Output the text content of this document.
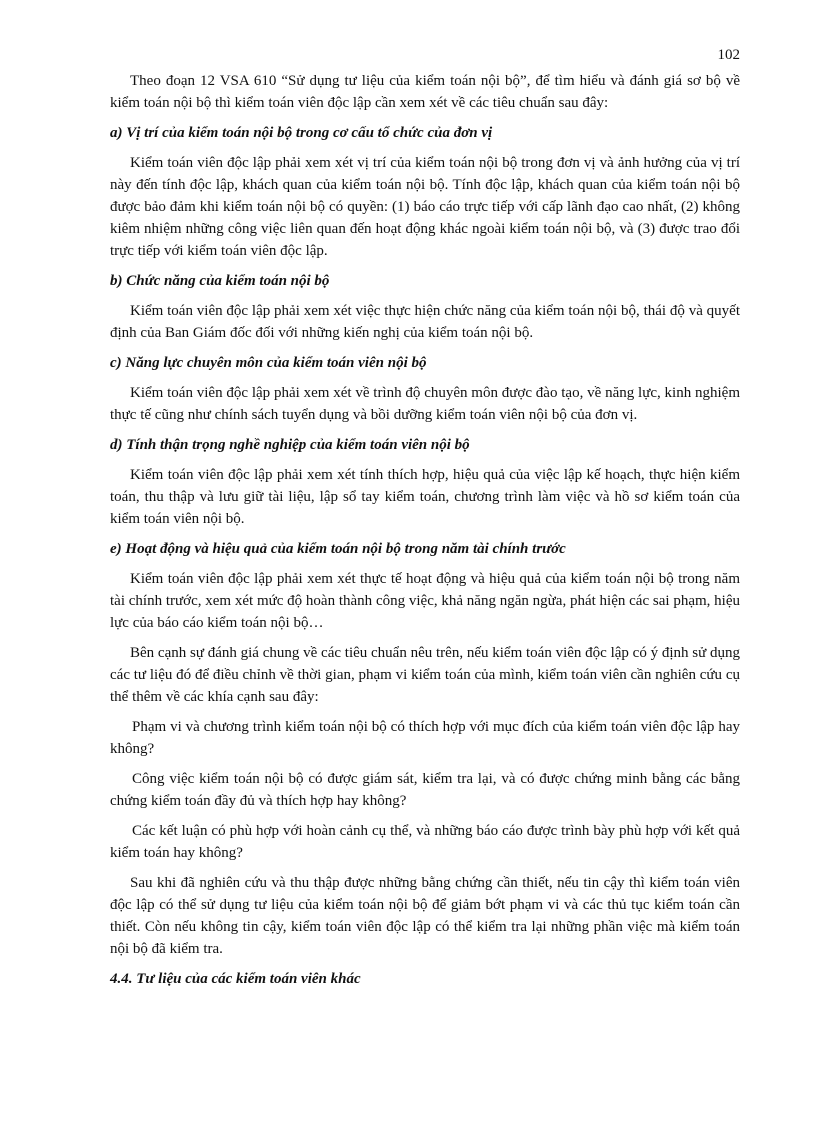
102

Theo đoạn 12 VSA 610 “Sử dụng tư liệu của kiểm toán nội bộ”, để tìm hiểu và đánh giá sơ bộ về kiểm toán nội bộ thì kiểm toán viên độc lập cần xem xét về các tiêu chuẩn sau đây:

a) Vị trí của kiểm toán nội bộ trong cơ cấu tổ chức của đơn vị

Kiểm toán viên độc lập phải xem xét vị trí của kiểm toán nội bộ trong đơn vị và ảnh hưởng của vị trí này đến tính độc lập, khách quan của kiểm toán nội bộ. Tính độc lập, khách quan của kiểm toán nội bộ được bảo đảm khi kiểm toán nội bộ có quyền: (1) báo cáo trực tiếp với cấp lãnh đạo cao nhất, (2) không kiêm nhiệm những công việc liên quan đến hoạt động khác ngoài kiểm toán nội bộ, và (3) được trao đổi trực tiếp với kiểm toán viên độc lập.

b) Chức năng của kiểm toán nội bộ

Kiểm toán viên độc lập phải xem xét việc thực hiện chức năng của kiểm toán nội bộ, thái độ và quyết định của Ban Giám đốc đối với những kiến nghị của kiểm toán nội bộ.

c) Năng lực chuyên môn của kiểm toán viên nội bộ

Kiểm toán viên độc lập phải xem xét về trình độ chuyên môn được đào tạo, về năng lực, kinh nghiệm thực tế cũng như chính sách tuyển dụng và bồi dưỡng kiểm toán viên nội bộ của đơn vị.

d) Tính thận trọng nghề nghiệp của kiểm toán viên nội bộ

Kiểm toán viên độc lập phải xem xét tính thích hợp, hiệu quả của việc lập kế hoạch, thực hiện kiểm toán, thu thập và lưu giữ tài liệu, lập sổ tay kiểm toán, chương trình làm việc và hồ sơ kiểm toán của kiểm toán viên nội bộ.

e) Hoạt động và hiệu quả của kiểm toán nội bộ trong năm tài chính trước

Kiểm toán viên độc lập phải xem xét thực tế hoạt động và hiệu quả của kiểm toán nội bộ trong năm tài chính trước, xem xét mức độ hoàn thành công việc, khả năng ngăn ngừa, phát hiện các sai phạm, hiệu lực của báo cáo kiểm toán nội bộ…

Bên cạnh sự đánh giá chung về các tiêu chuẩn nêu trên, nếu kiểm toán viên độc lập có ý định sử dụng các tư liệu đó để điều chỉnh về thời gian, phạm vi kiểm toán của mình, kiểm toán viên cần nghiên cứu cụ thể thêm về các khía cạnh sau đây:

Phạm vi và chương trình kiểm toán nội bộ có thích hợp với mục đích của kiểm toán viên độc lập hay không?

Công việc kiểm toán nội bộ có được giám sát, kiểm tra lại, và có được chứng minh bằng các bằng chứng kiểm toán đầy đủ và thích hợp hay không?

Các kết luận có phù hợp với hoàn cảnh cụ thể, và những báo cáo được trình bày phù hợp với kết quả kiểm toán hay không?

Sau khi đã nghiên cứu và thu thập được những bằng chứng cần thiết, nếu tin cậy thì kiểm toán viên độc lập có thể sử dụng tư liệu của kiểm toán nội bộ để giảm bớt phạm vi và các thủ tục kiểm toán cần thiết. Còn nếu không tin cậy, kiểm toán viên độc lập có thể kiểm tra lại những phần việc mà kiểm toán nội bộ đã kiểm tra.

4.4. Tư liệu của các kiểm toán viên khác
